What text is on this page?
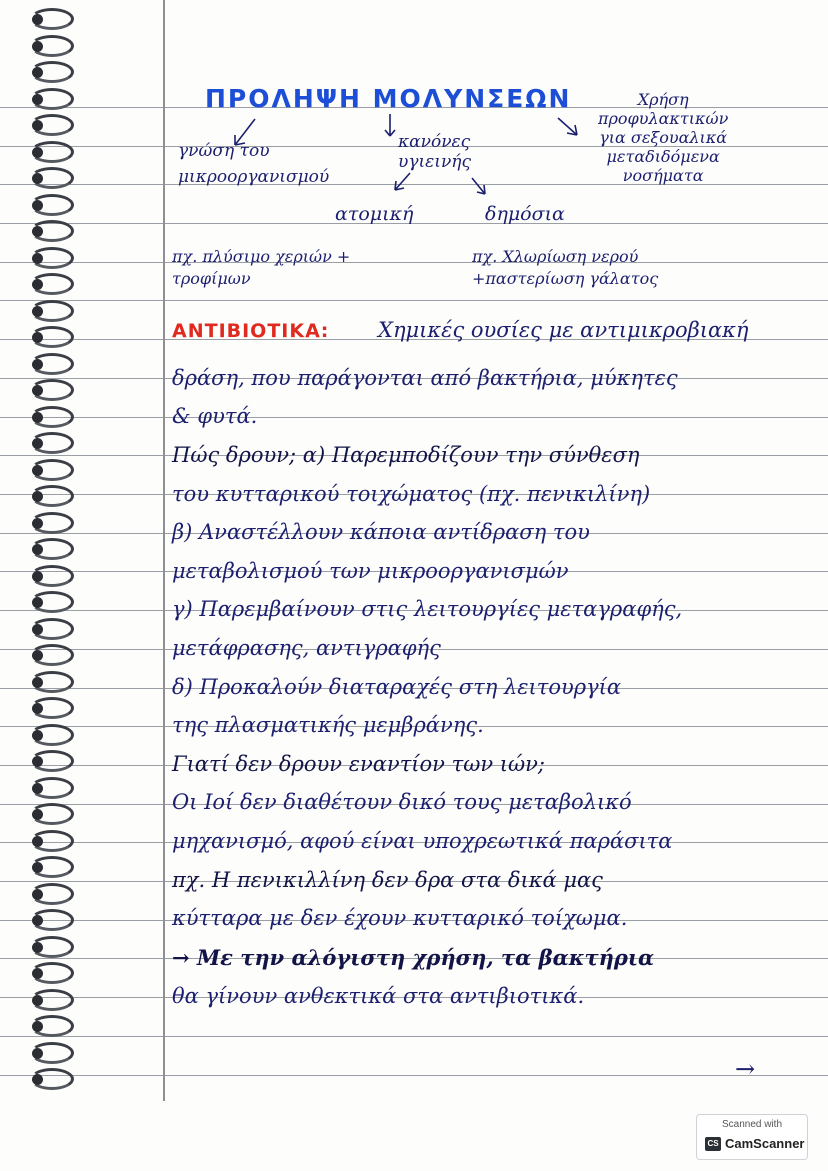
ΠΡΟΛΗΨΗ ΜΟΛΥΝΣΕΩΝ
γνώση του
μικροοργανισμού
κανόνες
υγιεινής
Χρήση
προφυλακτικών
για σεξουαλικά
μεταδιδόμενα
νοσήματα
ατομική	δημόσια
πχ. πλύσιμο χεριών +
τροφίμων
πχ. Χλωρίωση νερού
+παστερίωση γάλατος
ΑΝΤΙΒΙΟΤΙΚΑ: Χημικές ουσίες με αντιμικροβιακή
δράση, που παράγονται από βακτήρια, μύκητες
& φυτά.
Πώς δρουν; α) Παρεμποδίζουν την σύνθεση
του κυτταρικού τοιχώματος (πχ. πενικιλίνη)
β) Αναστέλλουν κάποια αντίδραση του
μεταβολισμού των μικροοργανισμών
γ) Παρεμβαίνουν στις λειτουργίες μεταγραφής,
μετάφρασης, αντιγραφής
δ) Προκαλούν διαταραχές στη λειτουργία
της πλασματικής μεμβράνης.
Γιατί δεν δρουν εναντίον των ιών;
Οι Ιοί δεν διαθέτουν δικό τους μεταβολικό
μηχανισμό, αφού είναι υποχρεωτικά παράσιτα
πχ. Η πενικιλλίνη δεν δρα στα δικά μας
κύτταρα με δεν έχουν κυτταρικό τοίχωμα.
→ Με την αλόγιστη χρήση, τα βακτήρια
θα γίνουν ανθεκτικά στα αντιβιοτικά.
→
Scanned with
CS CamScanner
